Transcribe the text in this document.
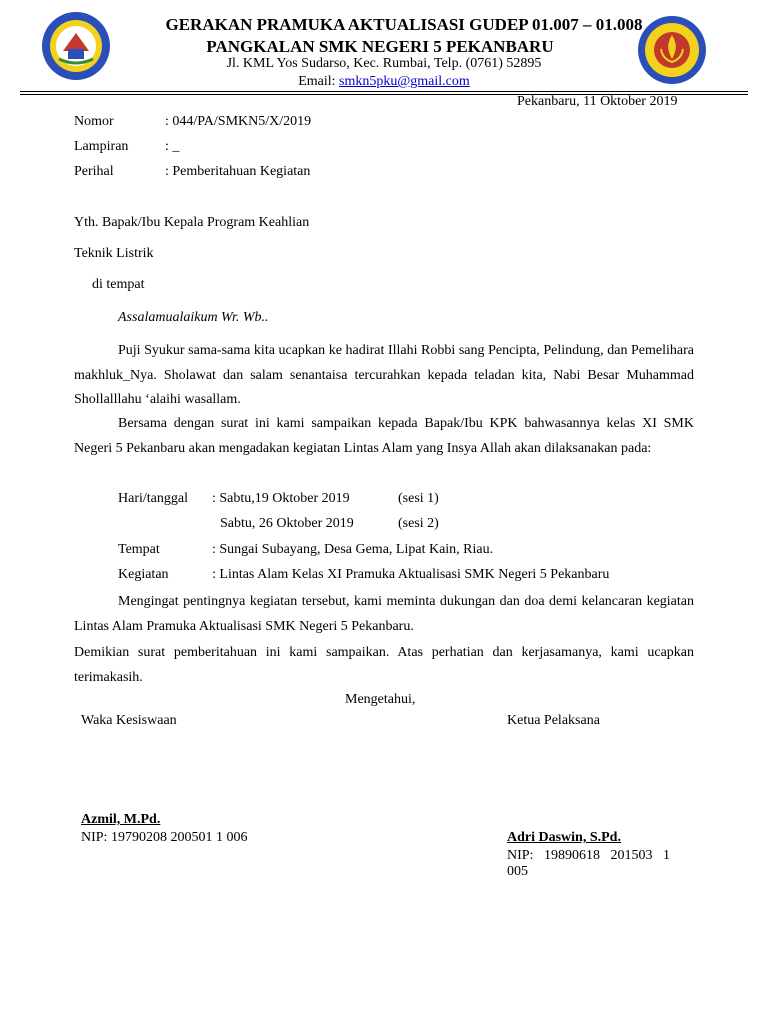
GERAKAN PRAMUKA AKTUALISASI GUDEP 01.007 – 01.008
PANGKALAN SMK NEGERI 5 PEKANBARU
Jl. KML Yos Sudarso, Kec. Rumbai, Telp. (0761) 52895
Email: smkn5pku@gmail.com
Pekanbaru, 11 Oktober 2019
Nomor	: 044/PA/SMKN5/X/2019
Lampiran	: _
Perihal	: Pemberitahuan Kegiatan
Yth. Bapak/Ibu Kepala Program Keahlian
Teknik Listrik
di tempat
Assalamualaikum Wr. Wb..

Puji Syukur sama-sama kita ucapkan ke hadirat Illahi Robbi sang Pencipta, Pelindung, dan Pemelihara makhluk_Nya. Sholawat dan salam senantaisa tercurahkan kepada teladan kita, Nabi Besar Muhammad Shollalllahu ‘alaihi wasallam.

Bersama dengan surat ini kami sampaikan kepada Bapak/Ibu KPK bahwasannya kelas XI SMK Negeri 5 Pekanbaru akan mengadakan kegiatan Lintas Alam yang Insya Allah akan dilaksanakan pada:

Hari/tanggal : Sabtu,19 Oktober 2019	(sesi 1)
Sabtu, 26 Oktober 2019	(sesi 2)
Tempat	: Sungai Subayang, Desa Gema, Lipat Kain, Riau.
Kegiatan	: Lintas Alam Kelas XI Pramuka Aktualisasi SMK Negeri 5 Pekanbaru

Mengingat pentingnya kegiatan tersebut, kami meminta dukungan dan doa demi kelancaran kegiatan Lintas Alam Pramuka Aktualisasi SMK Negeri 5 Pekanbaru.

Demikian surat pemberitahuan ini kami sampaikan. Atas perhatian dan kerjasamanya, kami ucapkan terimakasih.

Mengetahui,
Waka Kesiswaan	Ketua Pelaksana
Azmil, M.Pd.
NIP: 19790208 200501 1 006	Adri Daswin, S.Pd.
NIP:   19890618   201503   1
005
